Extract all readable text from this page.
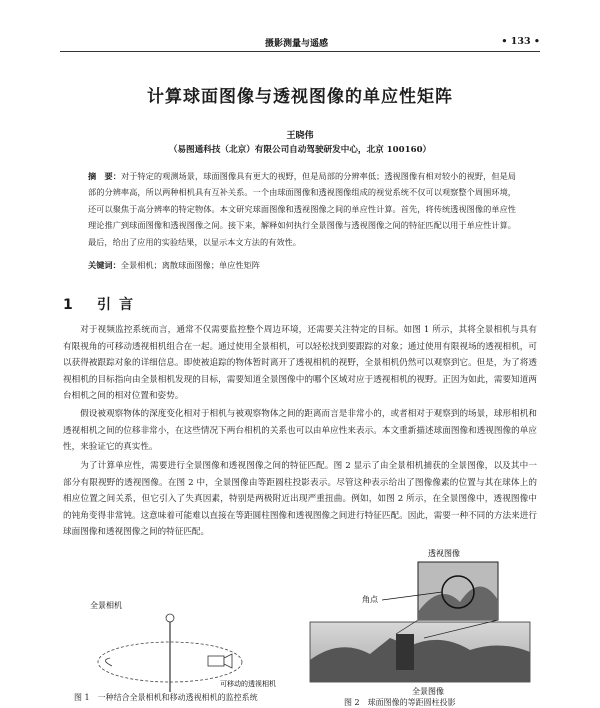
摄影测量与遥感	• 133 •
计算球面图像与透视图像的单应性矩阵
王晓伟
（易图通科技（北京）有限公司自动驾驶研发中心，北京 100160）
摘　要：对于特定的观测场景，球面图像具有更大的视野，但是局部的分辨率低；透视图像有相对较小的视野，但是局部的分辨率高，所以两种相机具有互补关系。一个由球面图像和透视图像组成的视觉系统不仅可以观察整个周围环境，还可以聚焦于高分辨率的特定物体。本文研究球面图像和透视图像之间的单应性计算。首先，将传统透视图像的单应性理论推广到球面图像和透视图像之间。接下来，解释如何执行全景图像与透视图像之间的特征匹配以用于单应性计算。最后，给出了应用的实验结果，以显示本文方法的有效性。
关键词：全景相机；离散球面图像；单应性矩阵
1 引言

对于视频监控系统而言，通常不仅需要监控整个周边环境，还需要关注特定的目标。如图 1 所示，其将全景相机与具有有限视角的可移动透视相机组合在一起。通过使用全景相机，可以轻松找到要跟踪的对象；通过使用有限视场的透视相机，可以获得被跟踪对象的详细信息。即使被追踪的物体暂时离开了透视相机的视野，全景相机仍然可以观察到它。但是，为了将透视相机的目标指向由全景相机发现的目标，需要知道全景图像中的哪个区域对应于透视相机的视野。正因为如此，需要知道两台相机之间的相对位置和姿势。

假设被观察物体的深度变化相对于相机与被观察物体之间的距离而言是非常小的，或者相对于观察到的场景，球形相机和透视相机之间的位移非常小，在这些情况下两台相机的关系也可以由单应性来表示。本文重新描述球面图像和透视图像的单应性，来验证它的真实性。

为了计算单应性，需要进行全景图像和透视图像之间的特征匹配。图 2 显示了由全景相机捕获的全景图像，以及其中一部分有限视野的透视图像。在图 2 中，全景图像由等距圆柱投影表示。尽管这种表示给出了图像像素的位置与其在球体上的相应位置之间关系，但它引入了失真因素，特别是两极附近出现严重扭曲。例如，如图 2 所示，在全景图像中，透视图像中的钝角变得非常钝。这意味着可能难以直接在等距圆柱图像和透视图像之间进行特征匹配。因此，需要一种不同的方法来进行球面图像和透视图像之间的特征匹配。

全景相机
可移动的透视相机
图 1　一种结合全景相机和移动透视相机的监控系统
透视图像
角点
全景图像
图 2　球面图像的等距圆柱投影
